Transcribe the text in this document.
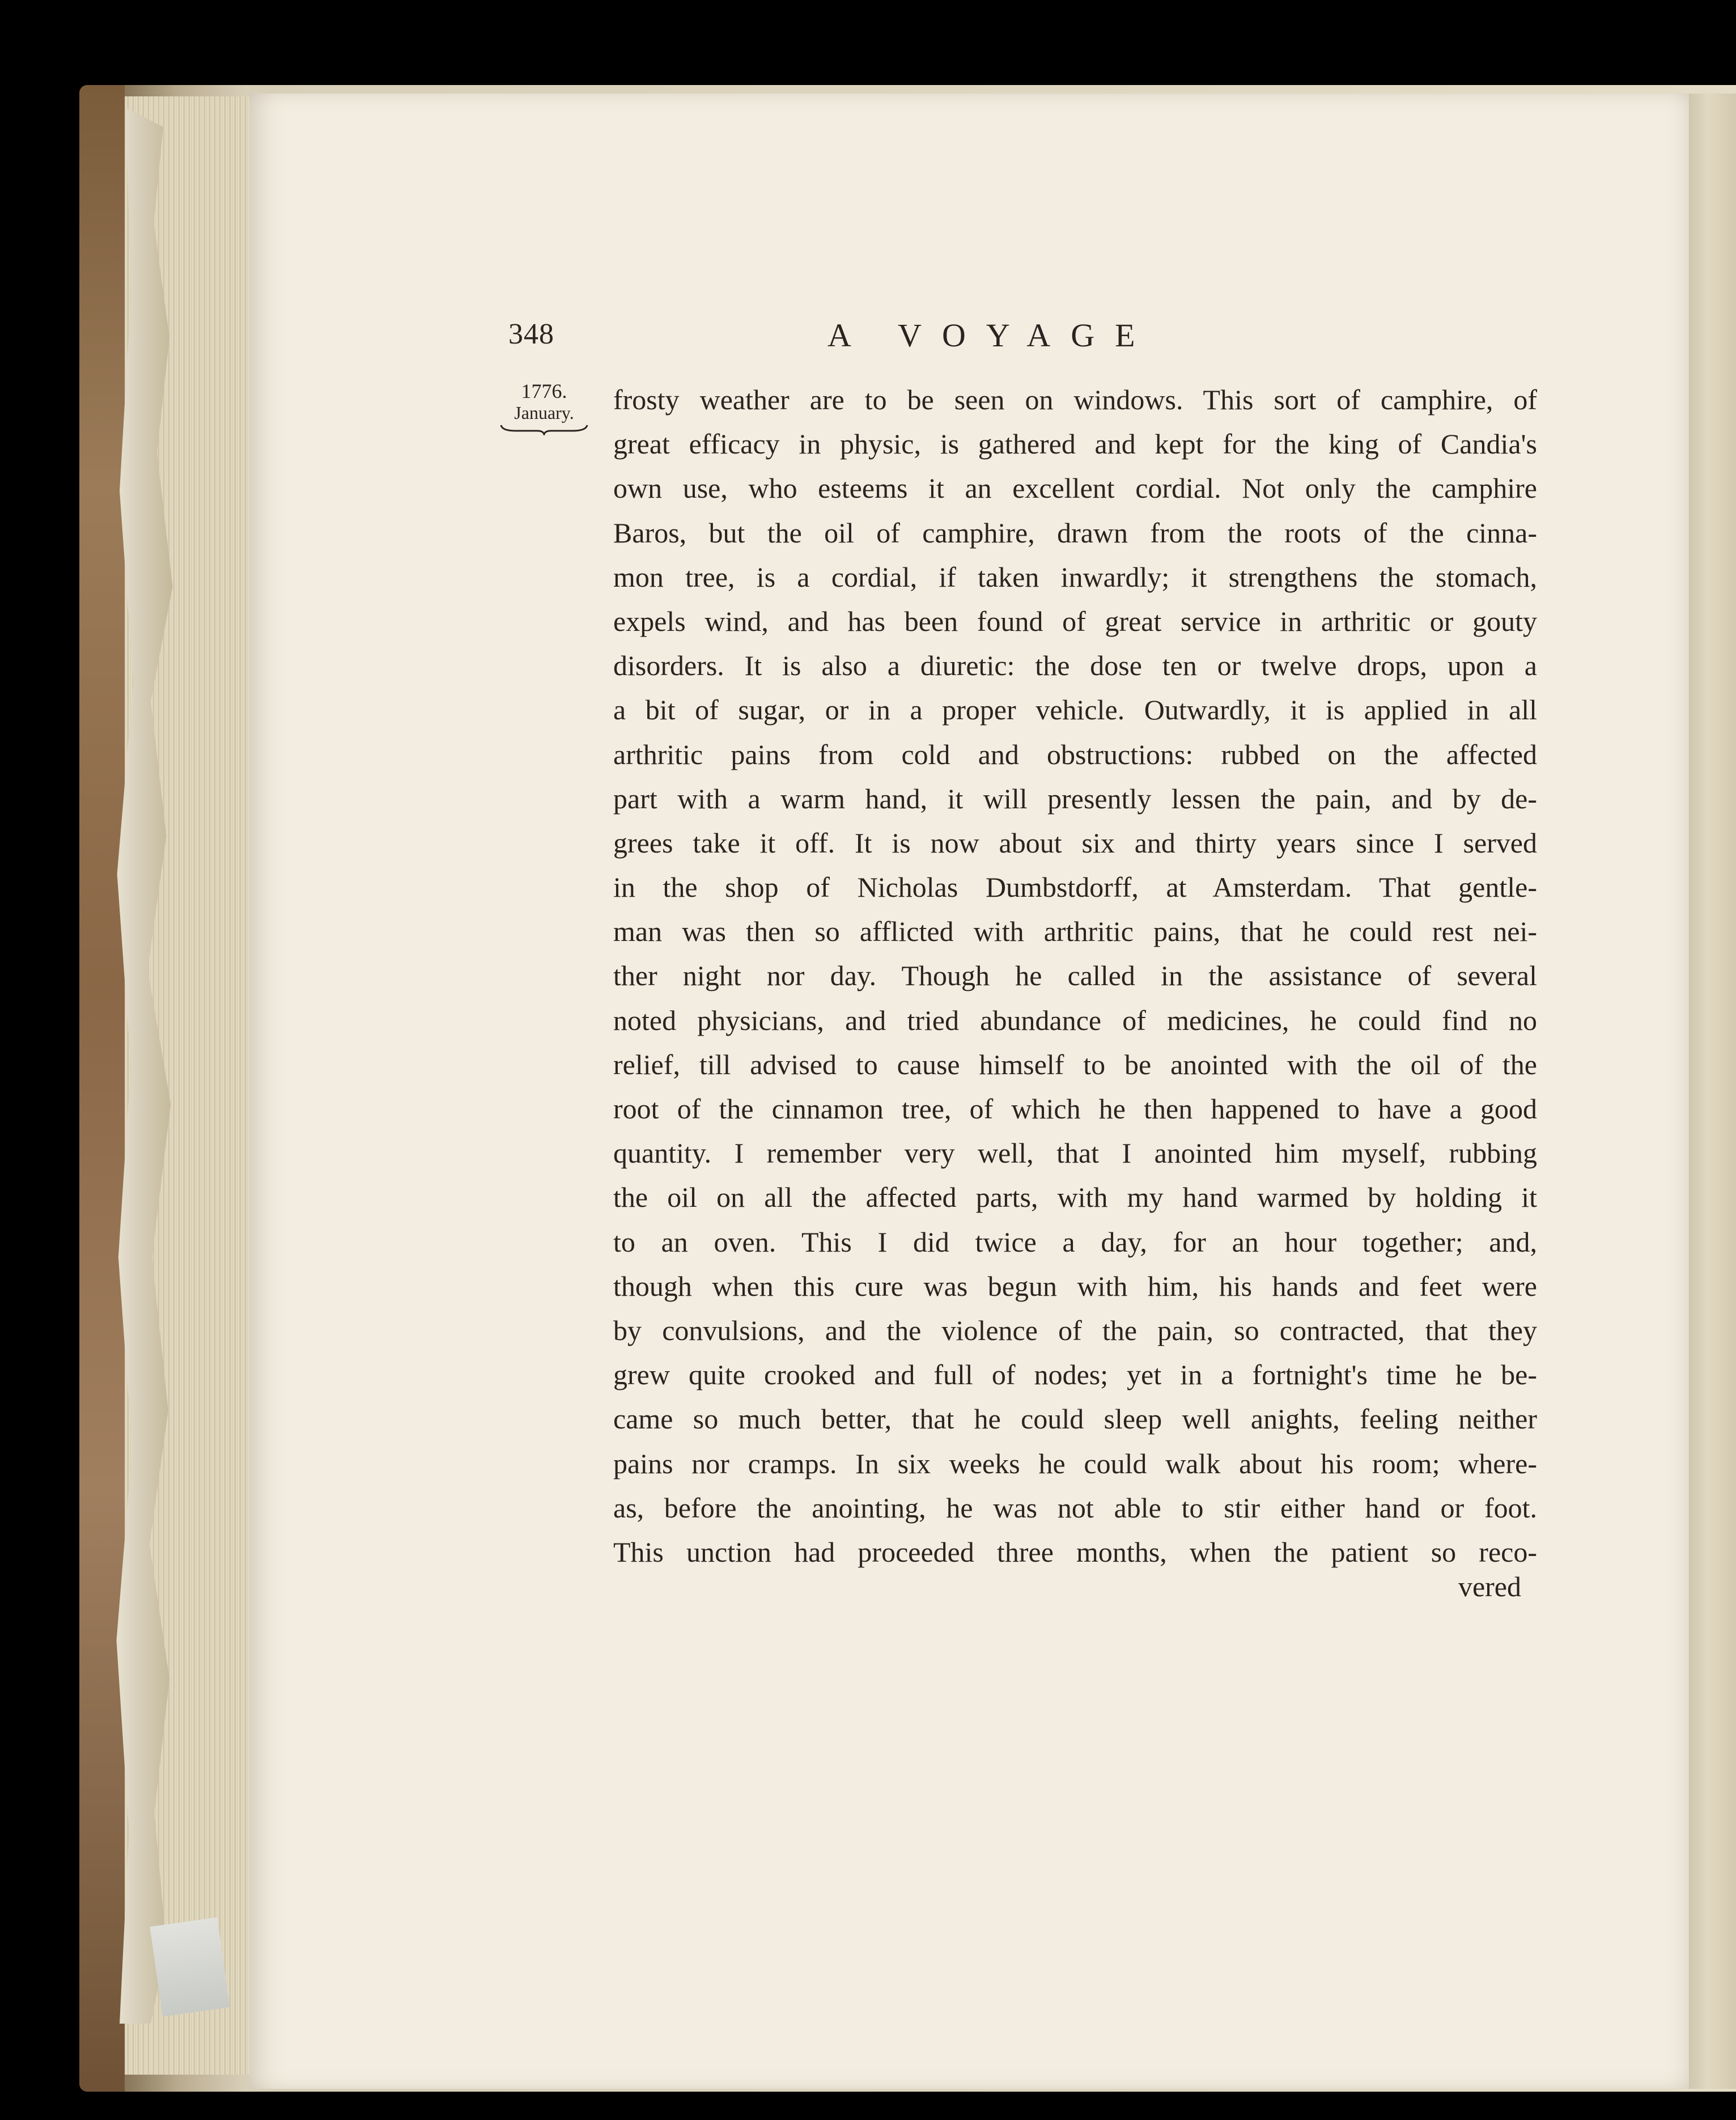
348	A VOYAGE
1776.
January.	frosty weather are to be seen on windows. This sort of camphire, of
great efficacy in physic, is gathered and kept for the king of Candia's
own use, who esteems it an excellent cordial. Not only the camphire
Baros, but the oil of camphire, drawn from the roots of the cinna-
mon tree, is a cordial, if taken inwardly; it strengthens the stomach,
expels wind, and has been found of great service in arthritic or gouty
disorders. It is also a diuretic: the dose ten or twelve drops, upon a
a bit of sugar, or in a proper vehicle. Outwardly, it is applied in all
arthritic pains from cold and obstructions: rubbed on the affected
part with a warm hand, it will presently lessen the pain, and by de-
grees take it off. It is now about six and thirty years since I served
in the shop of Nicholas Dumbstdorff, at Amsterdam. That gentle-
man was then so afflicted with arthritic pains, that he could rest nei-
ther night nor day. Though he called in the assistance of several
noted physicians, and tried abundance of medicines, he could find no
relief, till advised to cause himself to be anointed with the oil of the
root of the cinnamon tree, of which he then happened to have a good
quantity. I remember very well, that I anointed him myself, rubbing
the oil on all the affected parts, with my hand warmed by holding it
to an oven. This I did twice a day, for an hour together; and,
though when this cure was begun with him, his hands and feet were
by convulsions, and the violence of the pain, so contracted, that they
grew quite crooked and full of nodes; yet in a fortnight's time he be-
came so much better, that he could sleep well anights, feeling neither
pains nor cramps. In six weeks he could walk about his room; where-
as, before the anointing, he was not able to stir either hand or foot.
This unction had proceeded three months, when the patient so reco-
vered
